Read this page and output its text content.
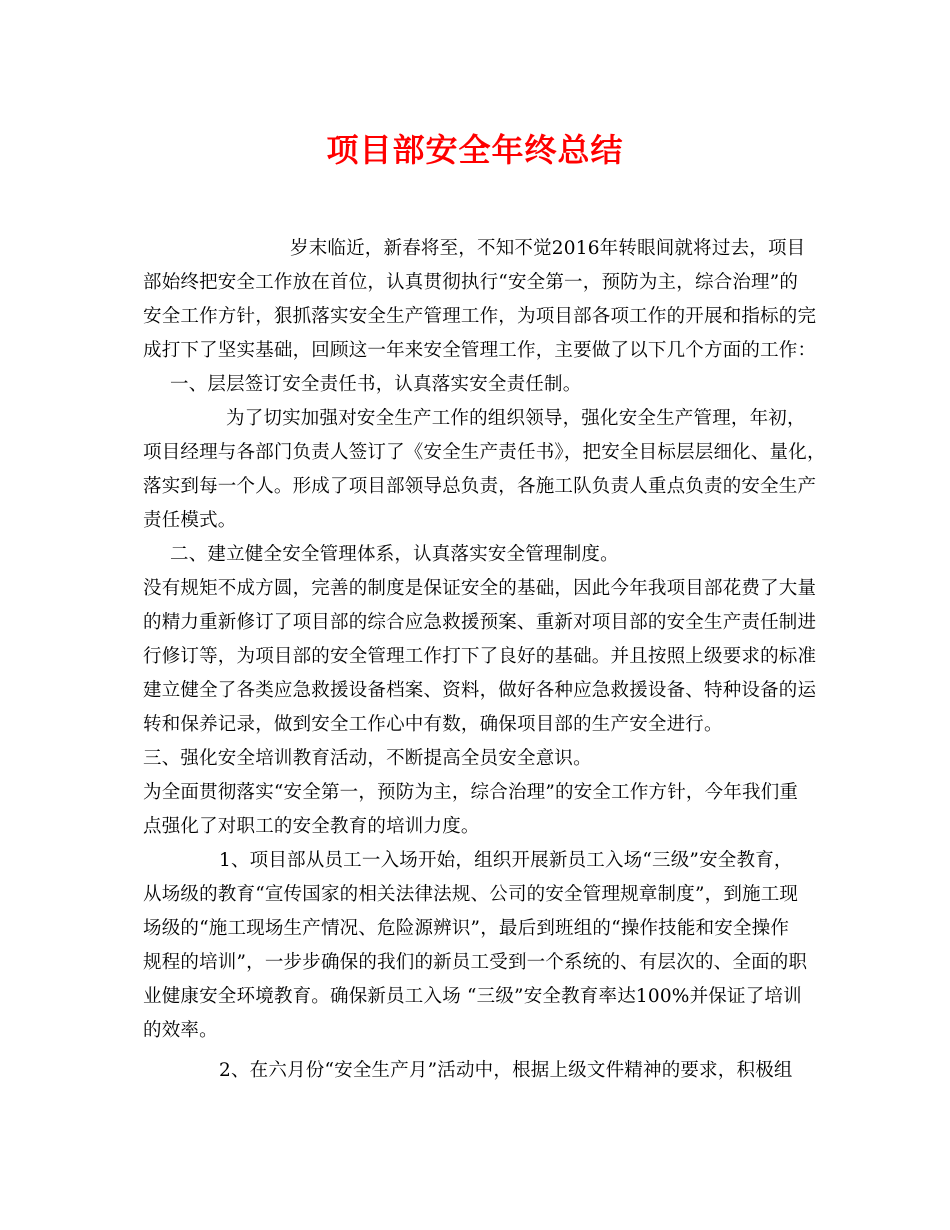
项目部安全年终总结
岁末临近，新春将至，不知不觉2016年转眼间就将过去，项目
部始终把安全工作放在首位，认真贯彻执行“安全第一，预防为主，综合治理”的
安全工作方针，狠抓落实安全生产管理工作，为项目部各项工作的开展和指标的完
成打下了坚实基础，回顾这一年来安全管理工作，主要做了以下几个方面的工作：
一、层层签订安全责任书，认真落实安全责任制。
为了切实加强对安全生产工作的组织领导，强化安全生产管理，年初，
项目经理与各部门负责人签订了《安全生产责任书》，把安全目标层层细化、量化，
落实到每一个人。形成了项目部领导总负责，各施工队负责人重点负责的安全生产
责任模式。
二、建立健全安全管理体系，认真落实安全管理制度。
没有规矩不成方圆，完善的制度是保证安全的基础，因此今年我项目部花费了大量
的精力重新修订了项目部的综合应急救援预案、重新对项目部的安全生产责任制进
行修订等，为项目部的安全管理工作打下了良好的基础。并且按照上级要求的标准
建立健全了各类应急救援设备档案、资料，做好各种应急救援设备、特种设备的运
转和保养记录，做到安全工作心中有数，确保项目部的生产安全进行。
三、强化安全培训教育活动，不断提高全员安全意识。
为全面贯彻落实“安全第一，预防为主，综合治理”的安全工作方针，今年我们重
点强化了对职工的安全教育的培训力度。
1、项目部从员工一入场开始，组织开展新员工入场“三级”安全教育，
从场级的教育“宣传国家的相关法律法规、公司的安全管理规章制度”，到施工现
场级的“施工现场生产情况、危险源辨识”，最后到班组的“操作技能和安全操作
规程的培训”，一步步确保的我们的新员工受到一个系统的、有层次的、全面的职
业健康安全环境教育。确保新员工入场 “三级”安全教育率达100%并保证了培训
的效率。
2、在六月份“安全生产月”活动中，根据上级文件精神的要求，积极组
